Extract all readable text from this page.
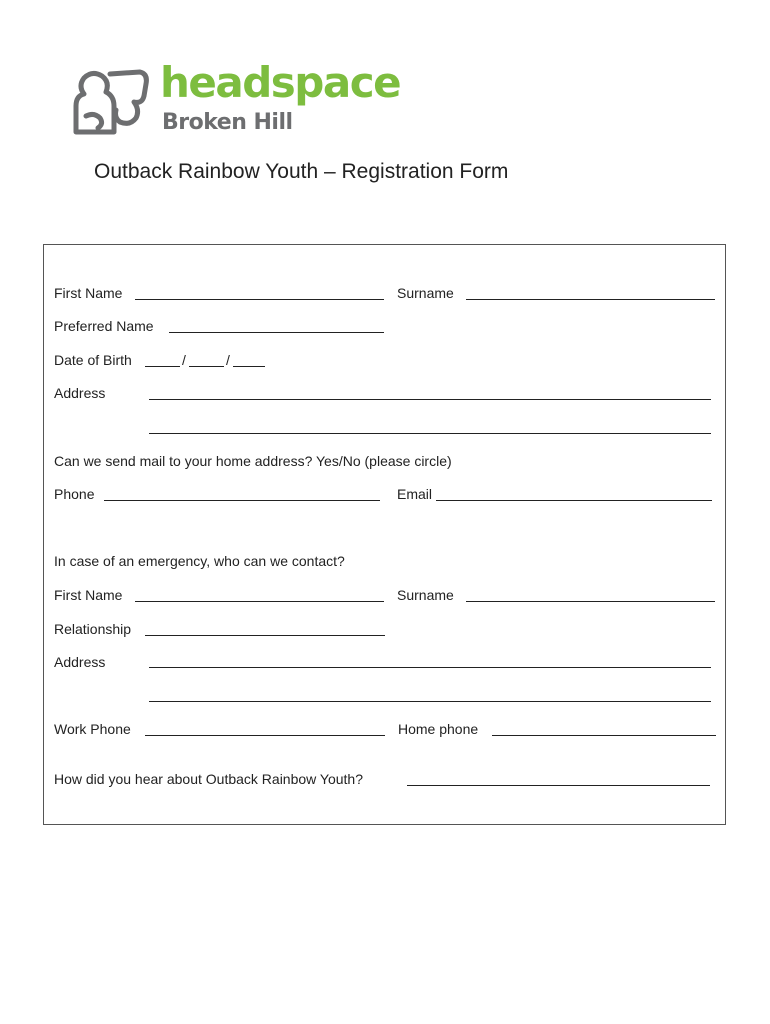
headspace
Broken Hill
Outback Rainbow Youth – Registration Form
First Name	Surname
Preferred Name
Date of Birth	/	/
Address
Can we send mail to your home address? Yes/No (please circle)
Phone	Email
In case of an emergency, who can we contact?
First Name	Surname
Relationship
Address
Work Phone	Home phone
How did you hear about Outback Rainbow Youth?
